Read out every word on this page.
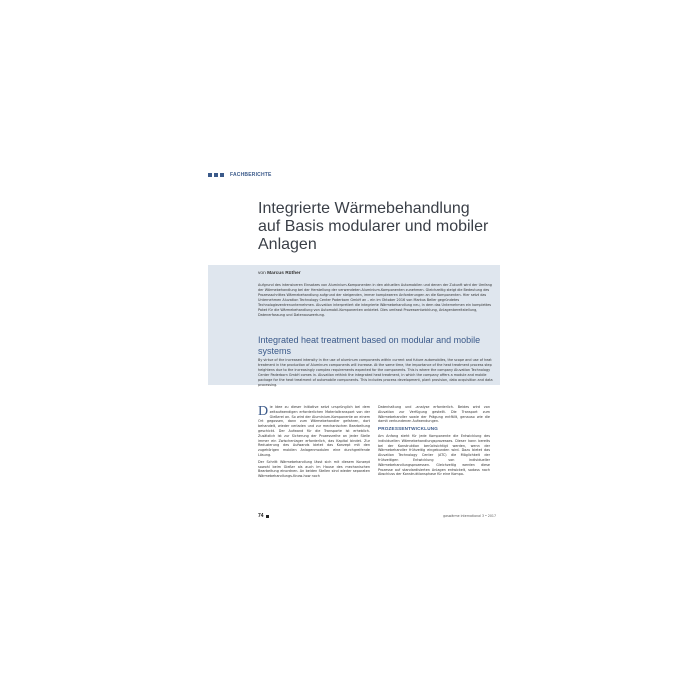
FACHBERICHTE
Integrierte Wärmebehandlung auf Basis modularer und mobiler Anlagen
von Marcus Rüther
Aufgrund des intensiveren Einsatzes von Aluminium-Komponenten in den aktuellen Automobilen und denen der Zukunft wird der Umfang der Wärmebehandlung bei der Herstellung der verwendeten Aluminium-Komponenten zunehmen. Gleichzeitig steigt die Bedeutung des Prozessschrittes Wärmebehandlung aufgrund der steigenden, immer komplexeren Anforderungen an die Komponenten. Hier setzt das Unternehmen Aluvation Technology Center Paderborn GmbH an – ein im Oktober 2016 von Markus Beller gegründetes Technologiezentrenunternehmen. Aluvation interpretiert die integrierte Wärmebehandlung neu, in dem das Unternehmen ein komplettes Paket für die Wärmebehandlung von Automobil-Komponenten anbietet. Dies umfasst Prozessentwicklung, Anlagenbereitstellung, Datenerfassung und Datenauswertung.
Integrated heat treatment based on modular and mobile systems
By virtue of the increased intensity in the use of aluminum components within current and future automobiles, the scope and use of heat treatment in the production of Aluminum components will increase. At the same time, the importance of the heat treatment process step heightens due to the increasingly complex requirements expected for the components. This is where the company Aluvation Technology Center Paderborn GmbH comes in. Aluvation rethink the integrated heat treatment, in which the company offers a module and mobile package for the heat treatment of automobile components. This includes process development, plant provision, data acquisition and data processing.

D ie Idee zu dieser Initiative setzt ursprünglich bei dem zeitaufwendigen erforderlichen Materialtransport von der Gießerei an. So wird der Aluminium-Komponente an einem Ort gegossen, dann zum Wärmebehandler gefahren, dort behandelt, wieder verladen und zur mechanischen Bearbeitung geschickt. Der Aufwand für die Transporte ist erheblich. Zusätzlich ist zur Sicherung der Prozessreihe an jeder Stelle immer ein Zwischenlager erforderlich, das Kapital bindet. Zur Reduzierung des Aufwands bietet das Konzept mit den zugehörigen mobilen Anlagenmodulen eine durchgreifende Lösung.

Der Schritt Wärmebehandlung lässt sich mit diesem Konzept sowohl beim Gießer als auch im Hause des mechanischen Bearbeitung einordnen. An beiden Stellen sind wieder separaten Wärmebehandlungs-Know-how noch

Datenhaltung und -analyse erforderlich. Beides wird von Aluvation zur Verfügung gestellt. Die Transport zum Wärmebehandler sowie der Prägung entfällt, genauso wie die damit verbundenen Aufwendungen.

PROZESSENTWICKLUNG

Am Anfang steht für jede Komponente die Entwicklung des individuellen Wärmebehandlungsprozesses. Dieser kann bereits bei der Konstruktion berücksichtigt werden, wenn der Wärmebehandler frühzeitig eingebunden wird. Dazu bietet das Aluvation Technology Center (ATC) die Möglichkeit der frühzeitigen Entwicklung von individueller Wärmebehandlungsprozessen. Gleichzeitig werden diese Prozesse auf standardisierten Anlagen entwickelt, sodass nach Abschluss der Konstruktionsphase für eine Kompo-

74	gaswärme international 3 • 2017
